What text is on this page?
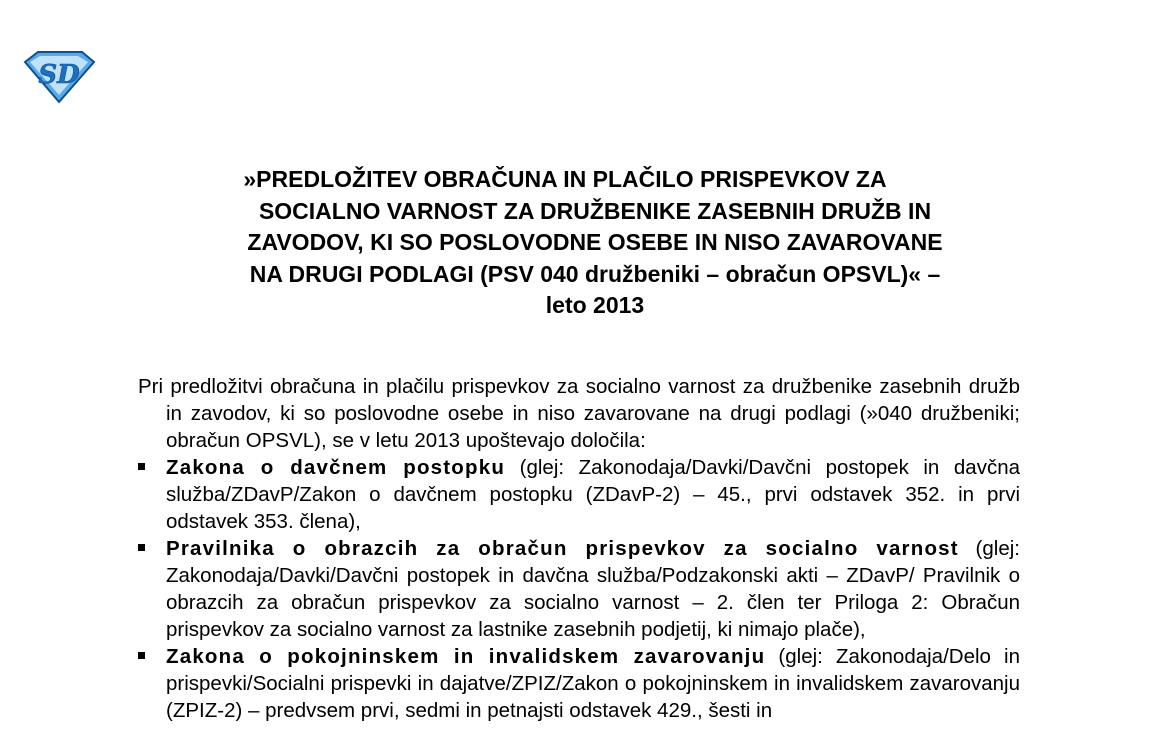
SD
»PREDLOŽITEV OBRAČUNA IN PLAČILO PRISPEVKOV ZA
SOCIALNO VARNOST ZA DRUŽBENIKE ZASEBNIH DRUŽB IN
ZAVODOV, KI SO POSLOVODNE OSEBE IN NISO ZAVAROVANE
NA DRUGI PODLAGI (PSV 040 družbeniki – obračun OPSVL)« –
leto 2013

Pri predložitvi obračuna in plačilu prispevkov za socialno varnost za družbenike zasebnih družb in zavodov, ki so poslovodne osebe in niso zavarovane na drugi podlagi (»040 družbeniki; obračun OPSVL), se v letu 2013 upoštevajo določila:

Zakona o davčnem postopku (glej: Zakonodaja/Davki/Davčni postopek in davčna služba/ZDavP/Zakon o davčnem postopku (ZDavP-2) – 45., prvi odstavek 352. in prvi odstavek 353. člena),
Pravilnika o obrazcih za obračun prispevkov za socialno varnost (glej: Zakonodaja/Davki/Davčni postopek in davčna služba/Podzakonski akti – ZDavP/ Pravilnik o obrazcih za obračun prispevkov za socialno varnost – 2. člen ter Priloga 2: Obračun prispevkov za socialno varnost za lastnike zasebnih podjetij, ki nimajo plače),
Zakona o pokojninskem in invalidskem zavarovanju (glej: Zakonodaja/Delo in prispevki/Socialni prispevki in dajatve/ZPIZ/Zakon o pokojninskem in invalidskem zavarovanju (ZPIZ-2) – predvsem prvi, sedmi in petnajsti odstavek 429., šesti in
